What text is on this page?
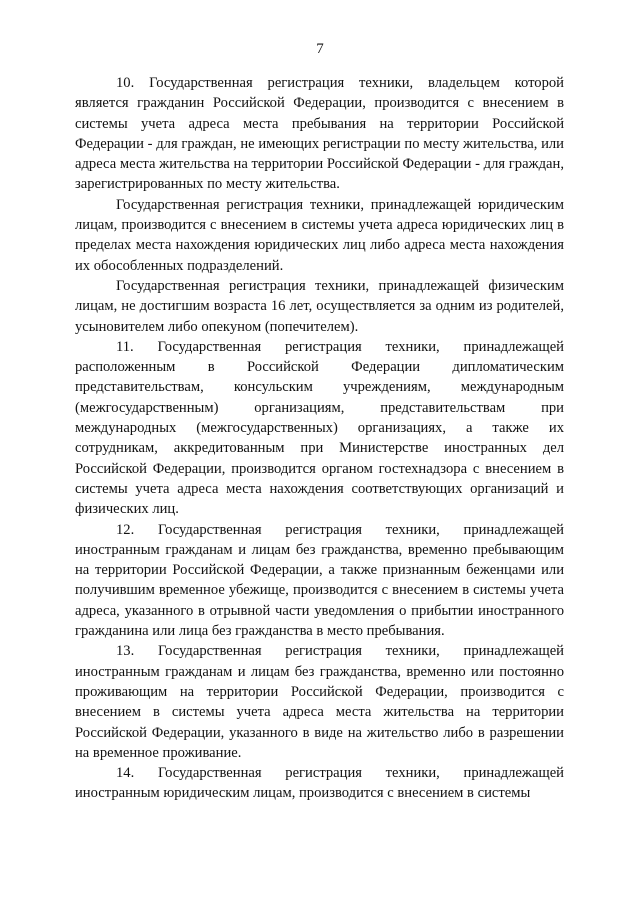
7

10. Государственная регистрация техники, владельцем которой является гражданин Российской Федерации, производится с внесением в системы учета адреса места пребывания на территории Российской Федерации - для граждан, не имеющих регистрации по месту жительства, или адреса места жительства на территории Российской Федерации - для граждан, зарегистрированных по месту жительства.

Государственная регистрация техники, принадлежащей юридическим лицам, производится с внесением в системы учета адреса юридических лиц в пределах места нахождения юридических лиц либо адреса места нахождения их обособленных подразделений.

Государственная регистрация техники, принадлежащей физическим лицам, не достигшим возраста 16 лет, осуществляется за одним из родителей, усыновителем либо опекуном (попечителем).

11. Государственная регистрация техники, принадлежащей расположенным в Российской Федерации дипломатическим представительствам, консульским учреждениям, международным (межгосударственным) организациям, представительствам при международных (межгосударственных) организациях, а также их сотрудникам, аккредитованным при Министерстве иностранных дел Российской Федерации, производится органом гостехнадзора с внесением в системы учета адреса места нахождения соответствующих организаций и физических лиц.

12. Государственная регистрация техники, принадлежащей иностранным гражданам и лицам без гражданства, временно пребывающим на территории Российской Федерации, а также признанным беженцами или получившим временное убежище, производится с внесением в системы учета адреса, указанного в отрывной части уведомления о прибытии иностранного гражданина или лица без гражданства в место пребывания.

13. Государственная регистрация техники, принадлежащей иностранным гражданам и лицам без гражданства, временно или постоянно проживающим на территории Российской Федерации, производится с внесением в системы учета адреса места жительства на территории Российской Федерации, указанного в виде на жительство либо в разрешении на временное проживание.

14. Государственная регистрация техники, принадлежащей иностранным юридическим лицам, производится с внесением в системы
